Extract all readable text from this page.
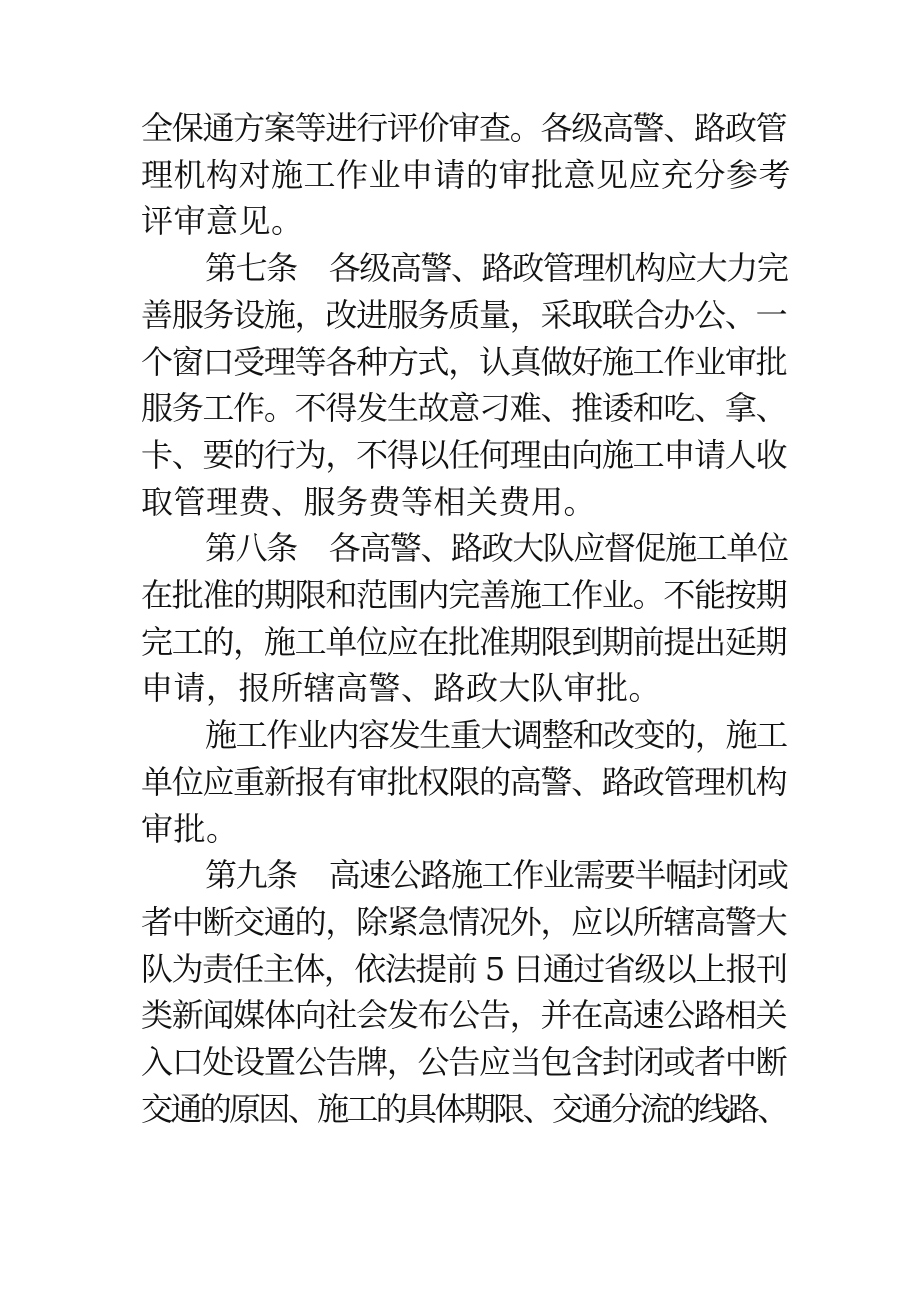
全保通方案等进行评价审查。各级高警、路政管
理机构对施工作业申请的审批意见应充分参考
评审意见。

第七条 各级高警、路政管理机构应大力完
善服务设施，改进服务质量，采取联合办公、一
个窗口受理等各种方式，认真做好施工作业审批
服务工作。不得发生故意刁难、推诿和吃、拿、
卡、要的行为，不得以任何理由向施工申请人收
取管理费、服务费等相关费用。

第八条 各高警、路政大队应督促施工单位
在批准的期限和范围内完善施工作业。不能按期
完工的，施工单位应在批准期限到期前提出延期
申请，报所辖高警、路政大队审批。

施工作业内容发生重大调整和改变的，施工
单位应重新报有审批权限的高警、路政管理机构
审批。

第九条 高速公路施工作业需要半幅封闭或
者中断交通的，除紧急情况外，应以所辖高警大
队为责任主体，依法提前 5 日通过省级以上报刊
类新闻媒体向社会发布公告，并在高速公路相关
入口处设置公告牌，公告应当包含封闭或者中断
交通的原因、施工的具体期限、交通分流的线路、
